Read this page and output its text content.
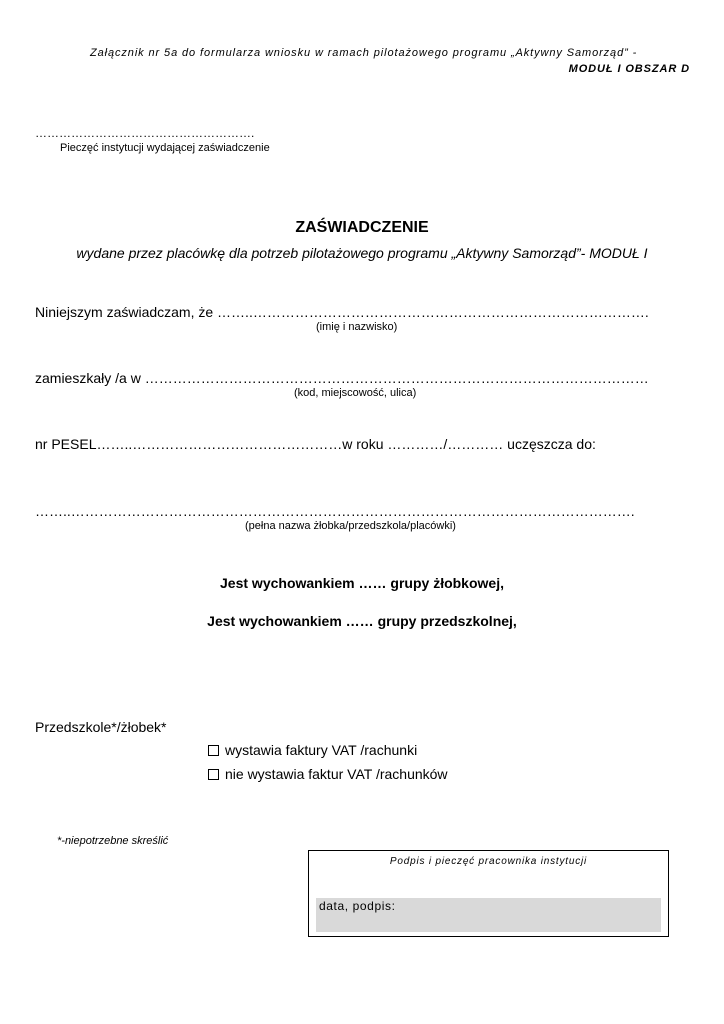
Załącznik nr 5a do formularza wniosku w ramach pilotażowego programu „Aktywny Samorząd” -
MODUŁ I OBSZAR D
……………………………………………….
Pieczęć instytucji wydającej zaświadczenie
ZAŚWIADCZENIE
wydane przez placówkę dla potrzeb pilotażowego programu „Aktywny Samorząd”- MODUŁ I
Niniejszym zaświadczam, że ……..………………………………………………………………………….
(imię i nazwisko)
zamieszkały /a w ………………………………………………………………………………………………
(kod, miejscowość, ulica)
nr PESEL……..………………………………………w roku …………/………… uczęszcza do:
……..………………………………………………………………………………………………………….
(pełna nazwa żłobka/przedszkola/placówki)
Jest wychowankiem …… grupy żłobkowej,
Jest wychowankiem …… grupy przedszkolnej,
Przedszkole*/żłobek*
wystawia faktury VAT /rachunki
nie wystawia faktur VAT /rachunków
*-niepotrzebne skreślić
Podpis i pieczęć pracownika instytucji
data, podpis:
